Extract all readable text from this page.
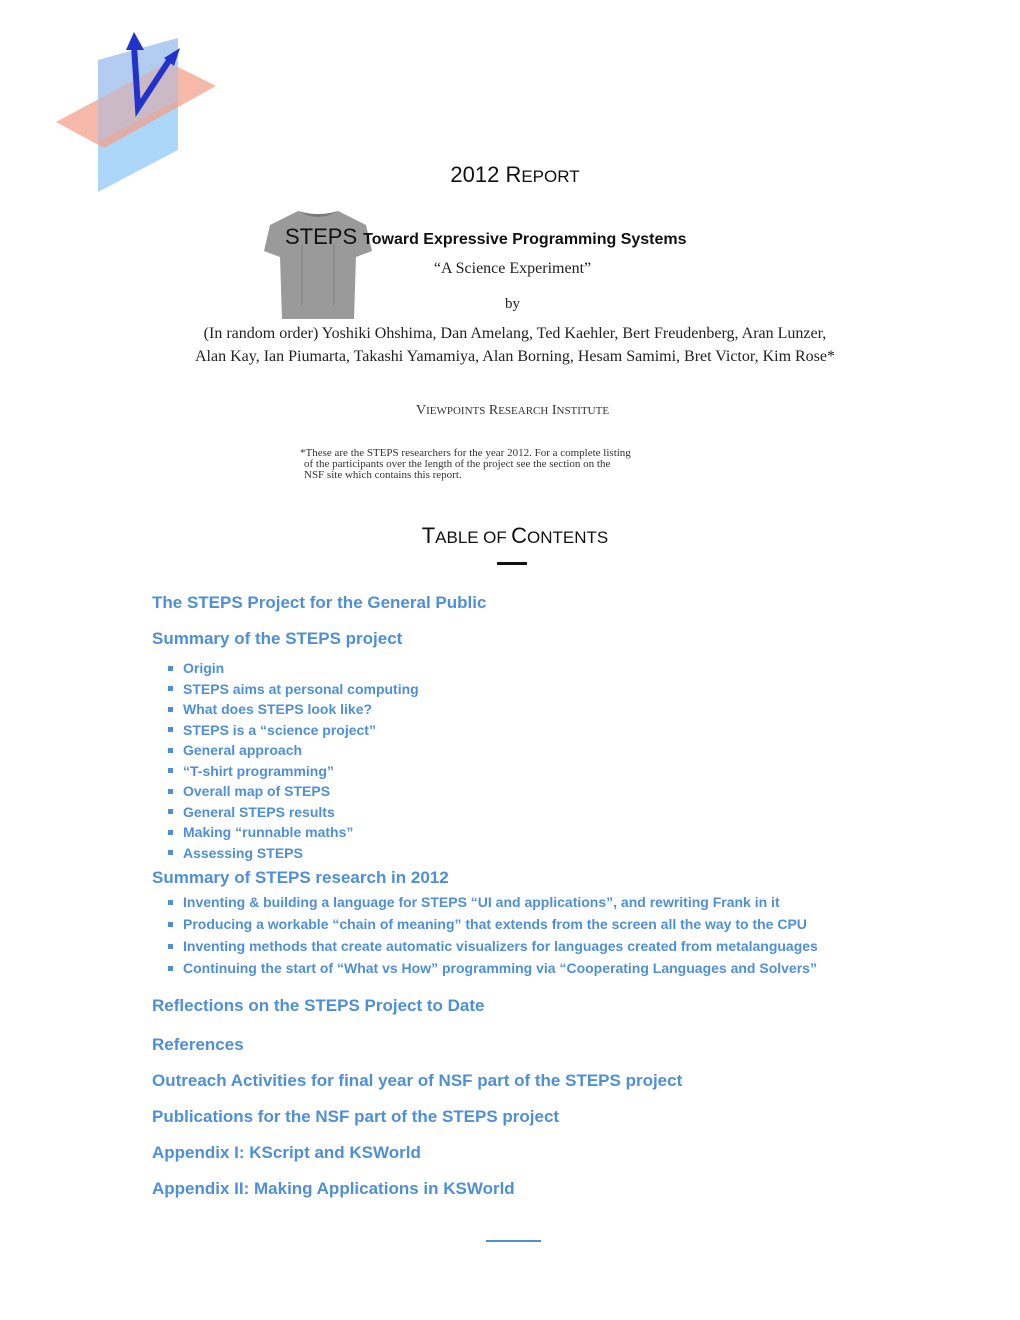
2012 REPORT
STEPS Toward Expressive Programming Systems
“A Science Experiment”
by
(In random order) Yoshiki Ohshima, Dan Amelang, Ted Kaehler, Bert Freudenberg, Aran Lunzer, Alan Kay, Ian Piumarta, Takashi Yamamiya, Alan Borning, Hesam Samimi, Bret Victor, Kim Rose*
VIEWPOINTS RESEARCH INSTITUTE
*These are the STEPS researchers for the year 2012. For a complete listing
of the participants over the length of the project see the section on the
NSF site which contains this report.
TABLE OF CONTENTS
The STEPS Project for the General Public
Summary of the STEPS project
Origin
STEPS aims at personal computing
What does STEPS look like?
STEPS is a “science project”
General approach
“T-shirt programming”
Overall map of STEPS
General STEPS results
Making “runnable maths”
Assessing STEPS
Summary of STEPS research in 2012
Inventing & building a language for STEPS “UI and applications”, and rewriting Frank in it
Producing a workable “chain of meaning” that extends from the screen all the way to the CPU
Inventing methods that create automatic visualizers for languages created from metalanguages
Continuing the start of “What vs How” programming via “Cooperating Languages and Solvers”
Reflections on the STEPS Project to Date
References
Outreach Activities for final year of NSF part of the STEPS project
Publications for the NSF part of the STEPS project
Appendix I: KScript and KSWorld
Appendix II: Making Applications in KSWorld
